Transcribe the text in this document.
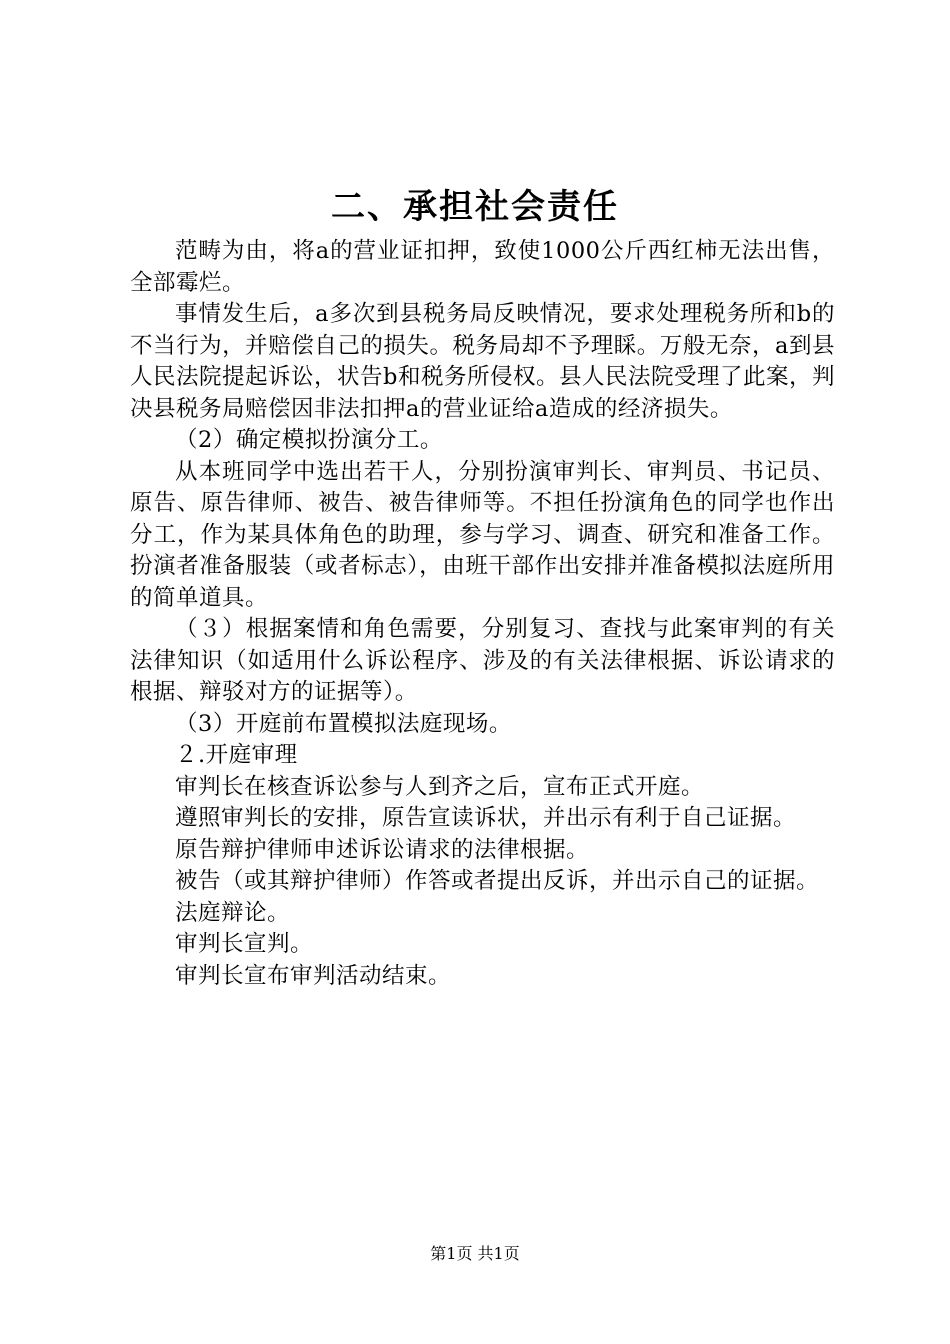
二、承担社会责任

范畴为由，将a的营业证扣押，致使1000公斤西红柿无法出售，全部霉烂。

事情发生后，a多次到县税务局反映情况，要求处理税务所和b的不当行为，并赔偿自己的损失。税务局却不予理睬。万般无奈，a到县人民法院提起诉讼，状告b和税务所侵权。县人民法院受理了此案，判决县税务局赔偿因非法扣押a的营业证给a造成的经济损失。

（2）确定模拟扮演分工。

从本班同学中选出若干人，分别扮演审判长、审判员、书记员、原告、原告律师、被告、被告律师等。不担任扮演角色的同学也作出分工，作为某具体角色的助理，参与学习、调查、研究和准备工作。扮演者准备服装（或者标志），由班干部作出安排并准备模拟法庭所用的简单道具。

（３）根据案情和角色需要，分别复习、查找与此案审判的有关法律知识（如适用什么诉讼程序、涉及的有关法律根据、诉讼请求的根据、辩驳对方的证据等）。

（3）开庭前布置模拟法庭现场。

２.开庭审理

审判长在核查诉讼参与人到齐之后，宣布正式开庭。

遵照审判长的安排，原告宣读诉状，并出示有利于自己证据。

原告辩护律师申述诉讼请求的法律根据。

被告（或其辩护律师）作答或者提出反诉，并出示自己的证据。

法庭辩论。

审判长宣判。

审判长宣布审判活动结束。

第1页 共1页
